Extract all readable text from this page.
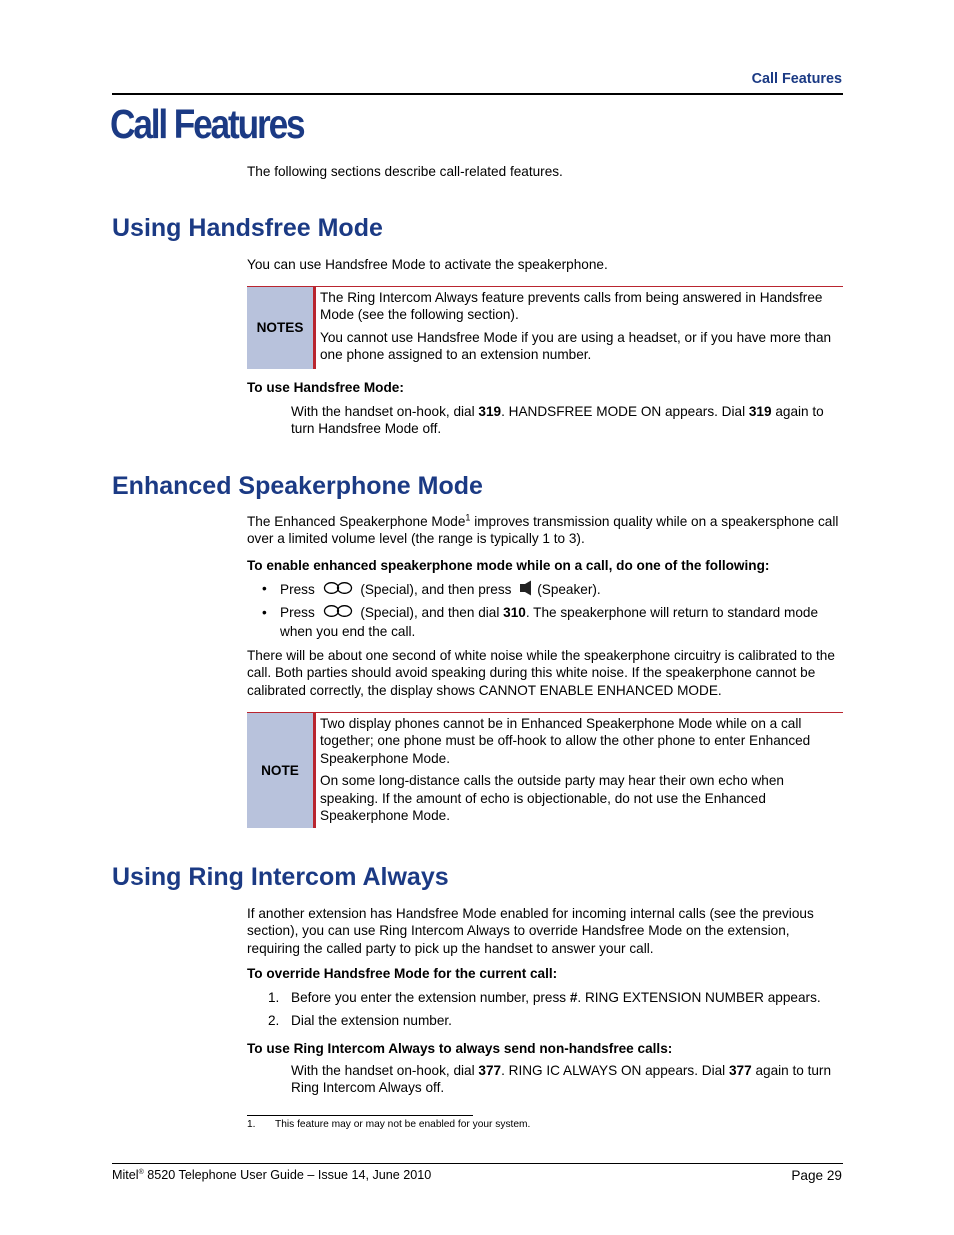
Call Features
Call Features
The following sections describe call-related features.
Using Handsfree Mode
You can use Handsfree Mode to activate the speakerphone.
NOTES

The Ring Intercom Always feature prevents calls from being answered in Handsfree Mode (see the following section).

You cannot use Handsfree Mode if you are using a headset, or if you have more than one phone assigned to an extension number.

To use Handsfree Mode:
With the handset on-hook, dial 319. HANDSFREE MODE ON appears. Dial 319 again to turn Handsfree Mode off.
Enhanced Speakerphone Mode
The Enhanced Speakerphone Mode$^1$ improves transmission quality while on a speakersphone call over a limited volume level (the range is typically 1 to 3).
To enable enhanced speakerphone mode while on a call, do one of the following:
• Press	(Special), and then press (Speaker).
• Press	(Special), and then dial 310. The speakerphone will return to standard mode when you end the call.
There will be about one second of white noise while the speakerphone circuitry is calibrated to the call. Both parties should avoid speaking during this white noise. If the speakerphone cannot be calibrated correctly, the display shows CANNOT ENABLE ENHANCED MODE.
NOTE

Two display phones cannot be in Enhanced Speakerphone Mode while on a call together; one phone must be off-hook to allow the other phone to enter Enhanced Speakerphone Mode.

On some long-distance calls the outside party may hear their own echo when speaking. If the amount of echo is objectionable, do not use the Enhanced Speakerphone Mode.

Using Ring Intercom Always
If another extension has Handsfree Mode enabled for incoming internal calls (see the previous section), you can use Ring Intercom Always to override Handsfree Mode on the extension, requiring the called party to pick up the handset to answer your call.
To override Handsfree Mode for the current call:
1. Before you enter the extension number, press #. RING EXTENSION NUMBER appears.
2. Dial the extension number.
To use Ring Intercom Always to always send non-handsfree calls:
With the handset on-hook, dial 377. RING IC ALWAYS ON appears. Dial 377 again to turn Ring Intercom Always off.
1. This feature may or may not be enabled for your system.
Mitel® 8520 Telephone User Guide – Issue 14, June 2010	Page 29
